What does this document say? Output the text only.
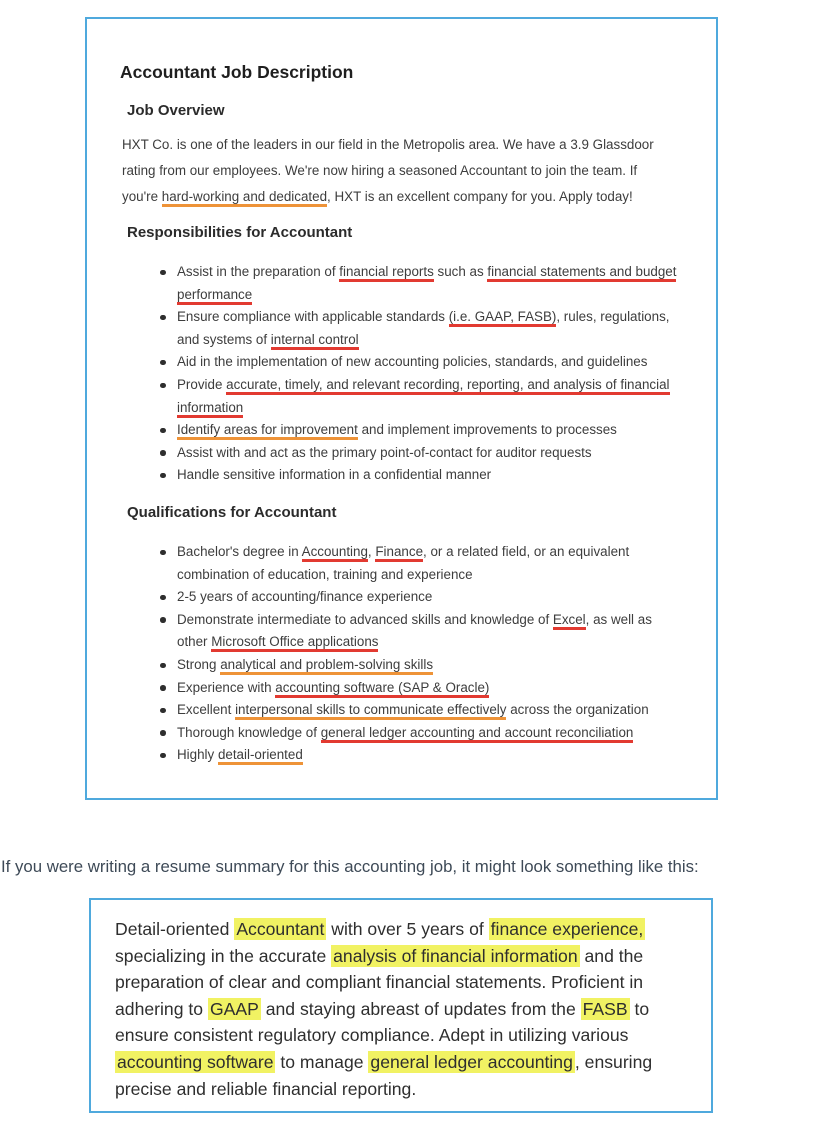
Accountant Job Description
Job Overview

HXT Co. is one of the leaders in our field in the Metropolis area. We have a 3.9 Glassdoor
rating from our employees. We're now hiring a seasoned Accountant to join the team. If
you're hard-working and dedicated, HXT is an excellent company for you. Apply today!

Responsibilities for Accountant
Assist in the preparation of financial reports such as financial statements and budget
performance
Ensure compliance with applicable standards (i.e. GAAP, FASB), rules, regulations,
and systems of internal control
Aid in the implementation of new accounting policies, standards, and guidelines
Provide accurate, timely, and relevant recording, reporting, and analysis of financial
information
Identify areas for improvement and implement improvements to processes
Assist with and act as the primary point-of-contact for auditor requests
Handle sensitive information in a confidential manner
Qualifications for Accountant
Bachelor's degree in Accounting, Finance, or a related field, or an equivalent
combination of education, training and experience
2-5 years of accounting/finance experience
Demonstrate intermediate to advanced skills and knowledge of Excel, as well as
other Microsoft Office applications
Strong analytical and problem-solving skills
Experience with accounting software (SAP & Oracle)
Excellent interpersonal skills to communicate effectively across the organization
Thorough knowledge of general ledger accounting and account reconciliation
Highly detail-oriented

If you were writing a resume summary for this accounting job, it might look something like this:

Detail-oriented Accountant with over 5 years of finance experience,
specializing in the accurate analysis of financial information and the
preparation of clear and compliant financial statements. Proficient in
adhering to GAAP and staying abreast of updates from the FASB to
ensure consistent regulatory compliance. Adept in utilizing various
accounting software to manage general ledger accounting , ensuring
precise and reliable financial reporting.
